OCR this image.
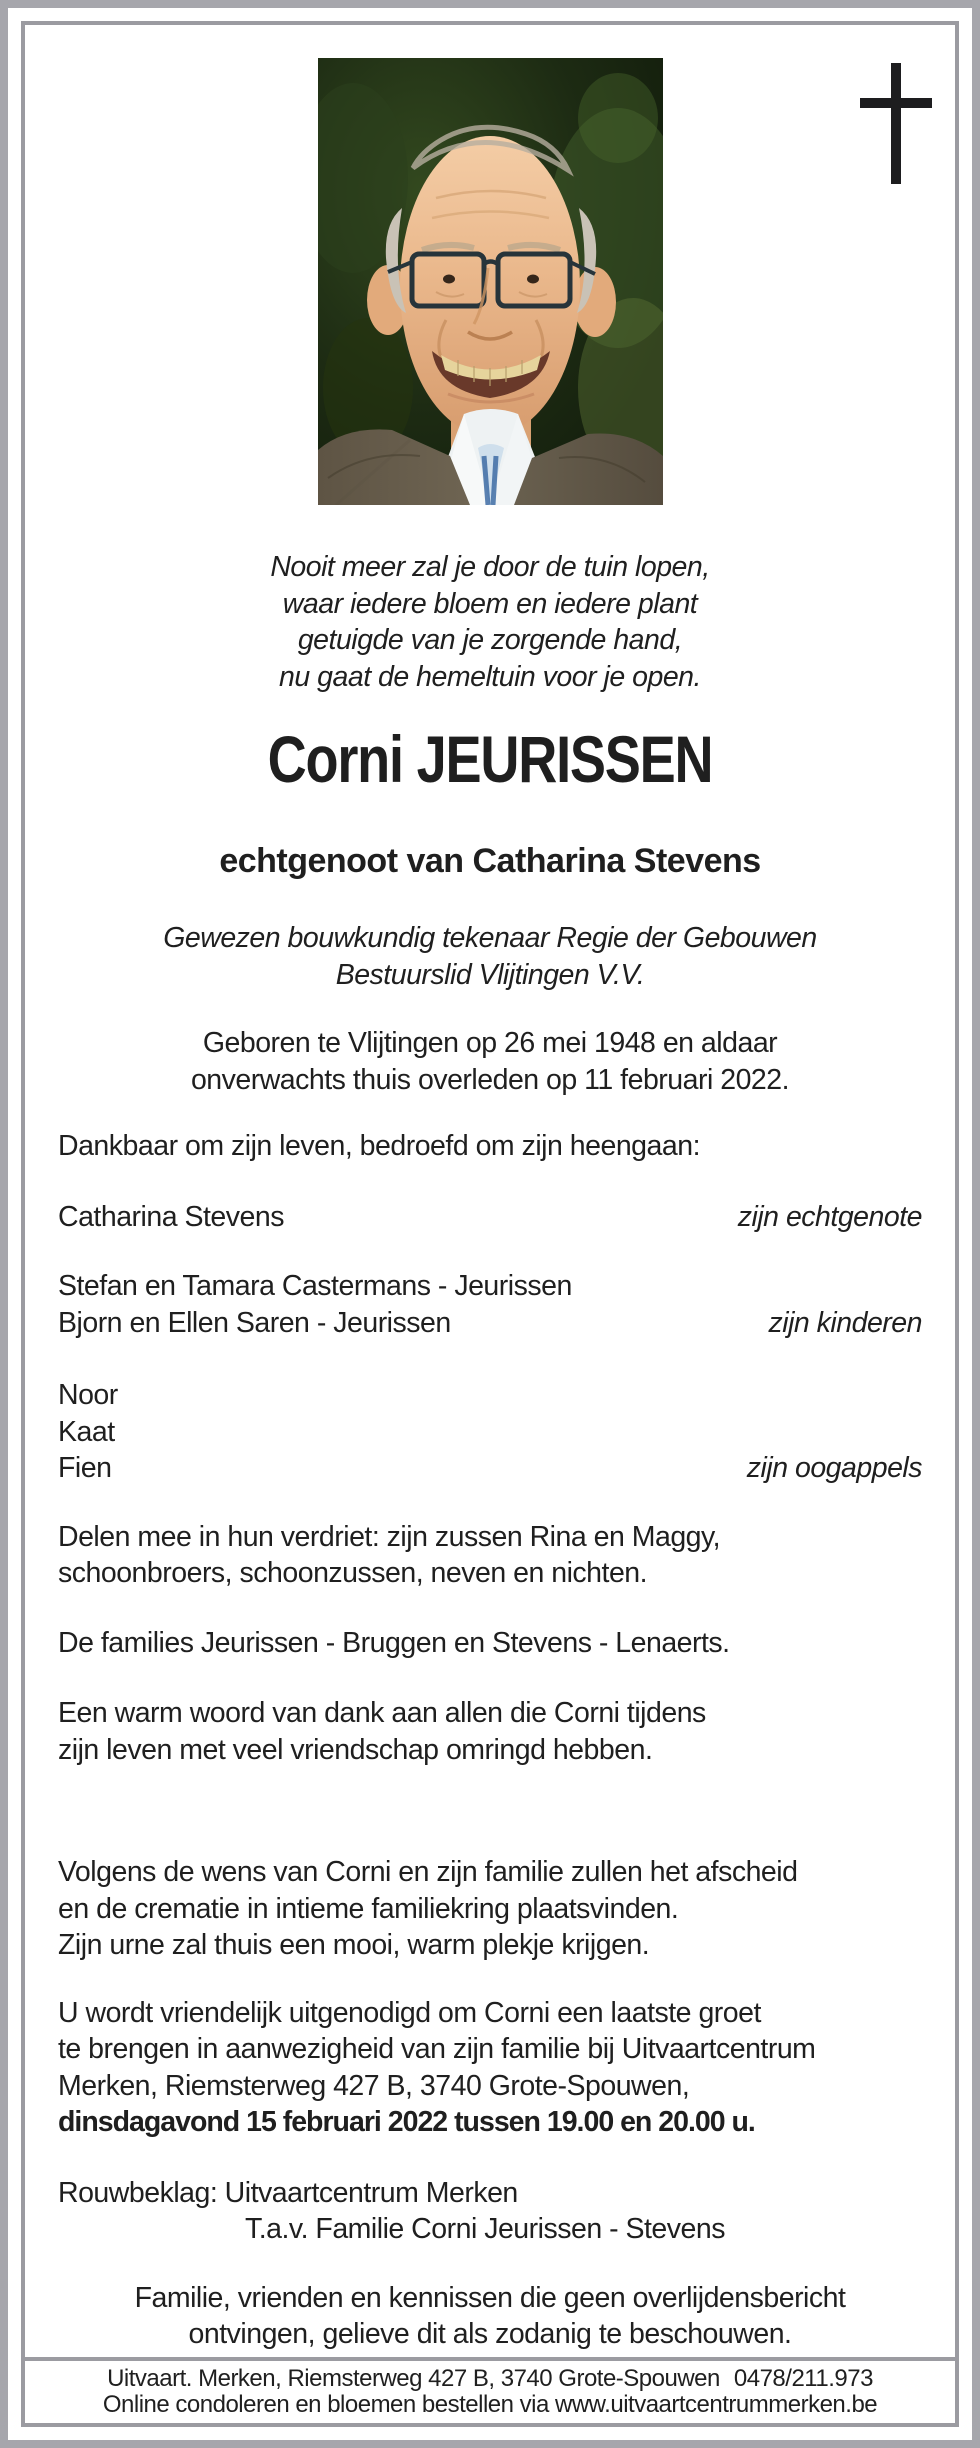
Nooit meer zal je door de tuin lopen,
waar iedere bloem en iedere plant
getuigde van je zorgende hand,
nu gaat de hemeltuin voor je open.
Corni JEURISSEN
echtgenoot van Catharina Stevens
Gewezen bouwkundig tekenaar Regie der Gebouwen
Bestuurslid Vlijtingen V.V.
Geboren te Vlijtingen op 26 mei 1948 en aldaar
onverwachts thuis overleden op 11 februari 2022.
Dankbaar om zijn leven, bedroefd om zijn heengaan:
Catharina Stevens	zijn echtgenote
Stefan en Tamara Castermans - Jeurissen
Bjorn en Ellen Saren - Jeurissen	zijn kinderen
Noor
Kaat
Fien	zijn oogappels
Delen mee in hun verdriet: zijn zussen Rina en Maggy,
schoonbroers, schoonzussen, neven en nichten.
De families Jeurissen - Bruggen en Stevens - Lenaerts.
Een warm woord van dank aan allen die Corni tijdens
zijn leven met veel vriendschap omringd hebben.
Volgens de wens van Corni en zijn familie zullen het afscheid
en de crematie in intieme familiekring plaatsvinden.
Zijn urne zal thuis een mooi, warm plekje krijgen.
U wordt vriendelijk uitgenodigd om Corni een laatste groet
te brengen in aanwezigheid van zijn familie bij Uitvaartcentrum
Merken, Riemsterweg 427 B, 3740 Grote-Spouwen,
dinsdagavond 15 februari 2022 tussen 19.00 en 20.00 u.
Rouwbeklag: Uitvaartcentrum Merken
T.a.v. Familie Corni Jeurissen - Stevens
Familie, vrienden en kennissen die geen overlijdensbericht
ontvingen, gelieve dit als zodanig te beschouwen.
Uitvaart. Merken, Riemsterweg 427 B, 3740 Grote-Spouwen 0478/211.973
Online condoleren en bloemen bestellen via www.uitvaartcentrummerken.be
